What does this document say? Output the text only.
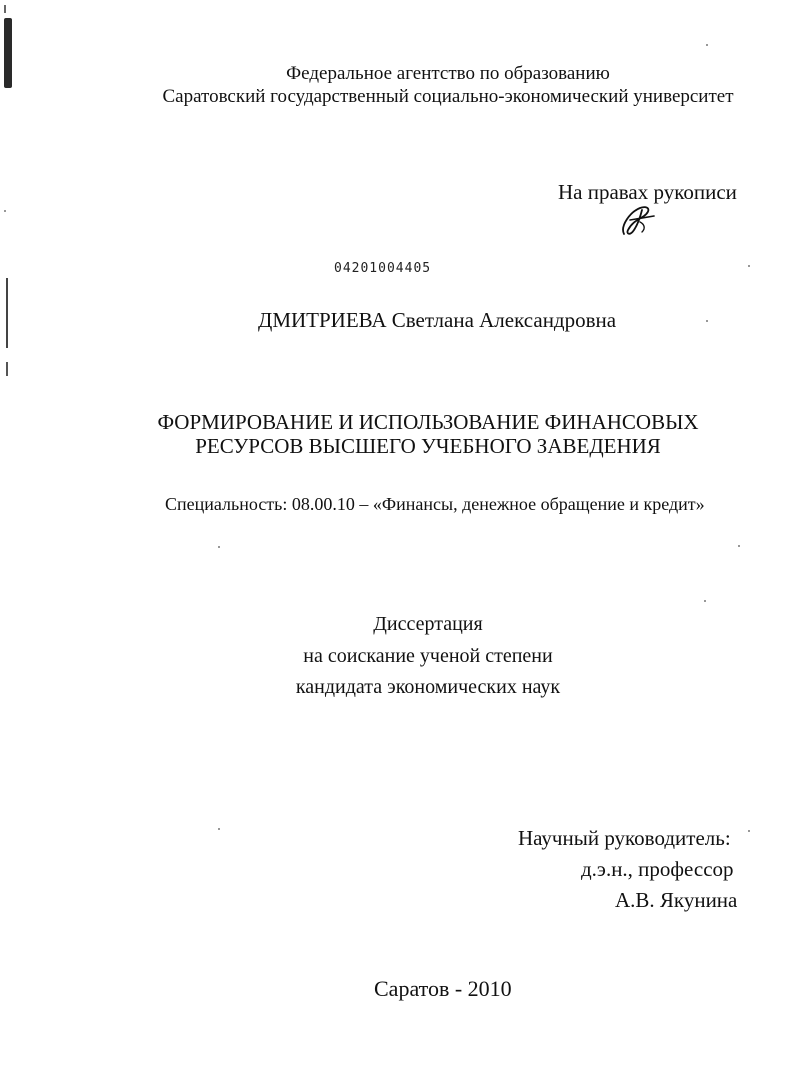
Федеральное агентство по образованию
Саратовский государственный социально-экономический университет
На правах рукописи
04201004405
ДМИТРИЕВА Светлана Александровна
ФОРМИРОВАНИЕ И ИСПОЛЬЗОВАНИЕ ФИНАНСОВЫХ
РЕСУРСОВ ВЫСШЕГО УЧЕБНОГО ЗАВЕДЕНИЯ
Специальность: 08.00.10 – «Финансы, денежное обращение и кредит»
Диссертация
на соискание ученой степени
кандидата экономических наук
Научный руководитель:
д.э.н., профессор
А.В. Якунина
Саратов - 2010
